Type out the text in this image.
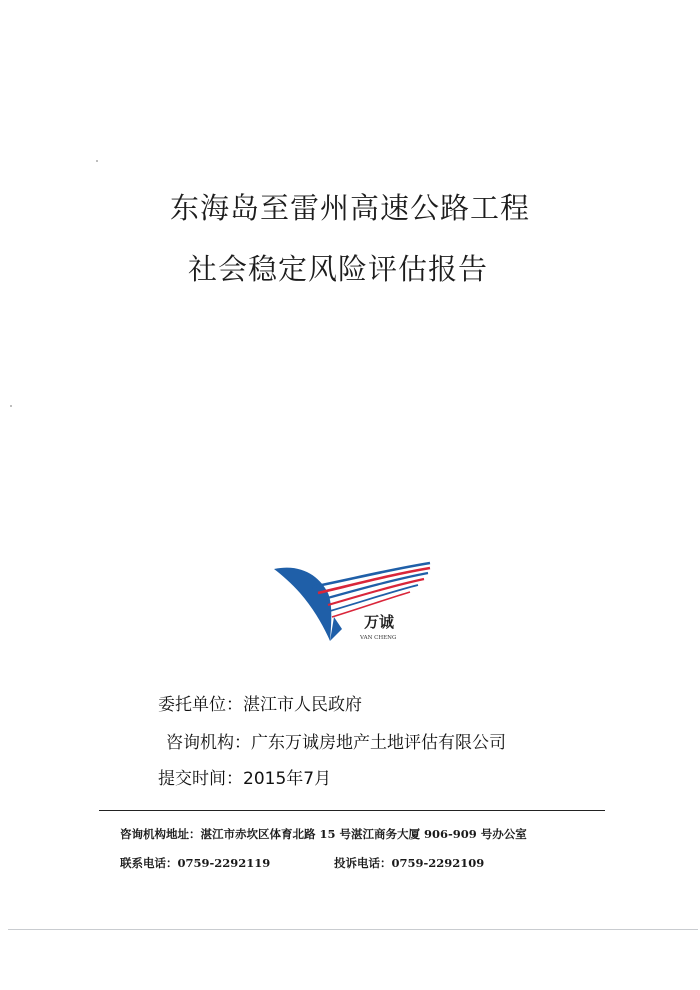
东海岛至雷州高速公路工程
社会稳定风险评估报告
万诚
VAN CHENG
委托单位：湛江市人民政府
咨询机构：广东万诚房地产土地评估有限公司
提交时间：2015年7月
咨询机构地址：湛江市赤坎区体育北路 15 号湛江商务大厦 906-909 号办公室
联系电话：0759-2292119	投诉电话：0759-2292109
